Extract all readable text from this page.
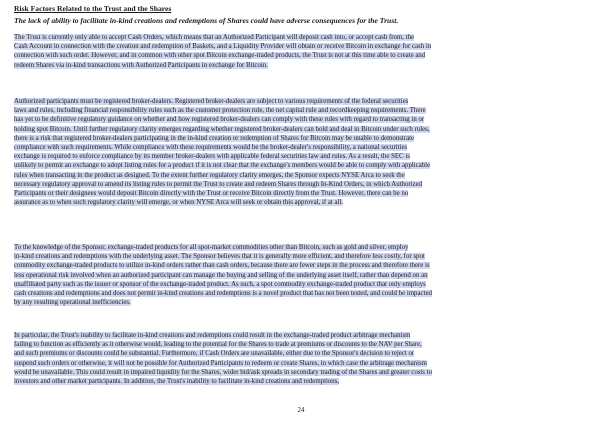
Risk Factors Related to the Trust and the Shares

The lack of ability to facilitate in-kind creations and redemptions of Shares could have adverse consequences for the Trust.

The Trust is currently only able to accept Cash Orders, which means that an Authorized Participant will deposit cash into, or accept cash from, the
Cash Account in connection with the creation and redemption of Baskets, and a Liquidity Provider will obtain or receive Bitcoin in exchange for cash in
connection with such order. However, and in common with other spot Bitcoin exchange-traded products, the Trust is not at this time able to create and
redeem Shares via in-kind transactions with Authorized Participants in exchange for Bitcoin.
Authorized participants must be registered broker-dealers. Registered broker-dealers are subject to various requirements of the federal securities
laws and rules, including financial responsibility rules such as the customer protection rule, the net capital rule and recordkeeping requirements. There
has yet to be definitive regulatory guidance on whether and how registered broker-dealers can comply with these rules with regard to transacting in or
holding spot Bitcoin. Until further regulatory clarity emerges regarding whether registered broker-dealers can hold and deal in Bitcoin under such rules,
there is a risk that registered broker-dealers participating in the in-kind creation or redemption of Shares for Bitcoin may be unable to demonstrate
compliance with such requirements. While compliance with these requirements would be the broker-dealer's responsibility, a national securities
exchange is required to enforce compliance by its member broker-dealers with applicable federal securities law and rules. As a result, the SEC is
unlikely to permit an exchange to adopt listing rules for a product if it is not clear that the exchange's members would be able to comply with applicable
rules when transacting in the product as designed. To the extent further regulatory clarity emerges, the Sponsor expects NYSE Arca to seek the
necessary regulatory approval to amend its listing rules to permit the Trust to create and redeem Shares through In-Kind Orders, in which Authorized
Participants or their designees would deposit Bitcoin directly with the Trust or receive Bitcoin directly from the Trust. However, there can be no
assurance as to when such regulatory clarity will emerge, or when NYSE Arca will seek or obtain this approval, if at all.
To the knowledge of the Sponsor, exchange-traded products for all spot-market commodities other than Bitcoin, such as gold and silver, employ
in-kind creations and redemptions with the underlying asset. The Sponsor believes that it is generally more efficient, and therefore less costly, for spot
commodity exchange-traded products to utilize in-kind orders rather than cash orders, because there are fewer steps in the process and therefore there is
less operational risk involved when an authorized participant can manage the buying and selling of the underlying asset itself, rather than depend on an
unaffiliated party such as the issuer or sponsor of the exchange-traded product. As such, a spot commodity exchange-traded product that only employs
cash creations and redemptions and does not permit in-kind creations and redemptions is a novel product that has not been tested, and could be impacted
by any resulting operational inefficiencies.
In particular, the Trust's inability to facilitate in-kind creations and redemptions could result in the exchange-traded product arbitrage mechanism
failing to function as efficiently as it otherwise would, leading to the potential for the Shares to trade at premiums or discounts to the NAV per Share,
and such premiums or discounts could be substantial. Furthermore, if Cash Orders are unavailable, either due to the Sponsor's decision to reject or
suspend such orders or otherwise, it will not be possible for Authorized Participants to redeem or create Shares, in which case the arbitrage mechanism
would be unavailable. This could result in impaired liquidity for the Shares, wider bid/ask spreads in secondary trading of the Shares and greater costs to
investors and other market participants. In addition, the Trust's inability to facilitate in-kind creations and redemptions,
24
